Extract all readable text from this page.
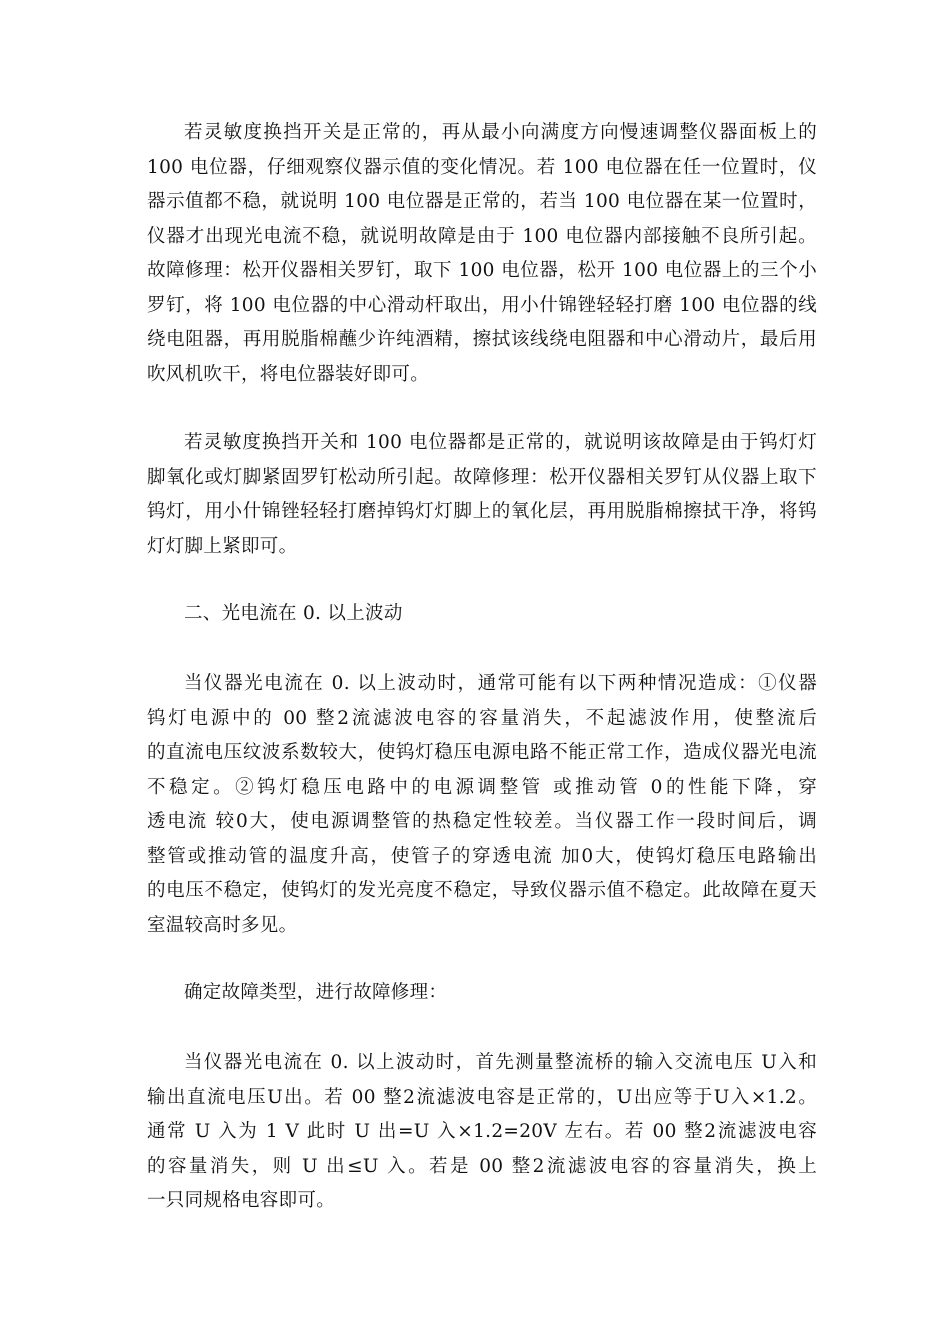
若灵敏度换挡开关是正常的，再从最小向满度方向慢速调整仪器面板上的
100 电位器，仔细观察仪器示值的变化情况。若 100 电位器在任一位置时，仪
器示值都不稳，就说明 100 电位器是正常的，若当 100 电位器在某一位置时，
仪器才出现光电流不稳，就说明故障是由于 100 电位器内部接触不良所引起。
故障修理：松开仪器相关罗钉，取下 100 电位器，松开 100 电位器上的三个小
罗钉，将 100 电位器的中心滑动杆取出，用小什锦锉轻轻打磨 100 电位器的线
绕电阻器，再用脱脂棉蘸少许纯酒精，擦拭该线绕电阻器和中心滑动片，最后用
吹风机吹干，将电位器装好即可。
若灵敏度换挡开关和 100 电位器都是正常的，就说明该故障是由于钨灯灯
脚氧化或灯脚紧固罗钉松动所引起。故障修理：松开仪器相关罗钉从仪器上取下
钨灯，用小什锦锉轻轻打磨掉钨灯灯脚上的氧化层，再用脱脂棉擦拭干净，将钨
灯灯脚上紧即可。
二、光电流在 0. 以上波动
当仪器光电流在 0. 以上波动时，通常可能有以下两种情况造成：①仪器
钨灯电源中的 00 整2流滤波电容的容量消失，不起滤波作用，使整流后
的直流电压纹波系数较大，使钨灯稳压电源电路不能正常工作，造成仪器光电流
不稳定。②钨灯稳压电路中的电源调整管 或推动管 0的性能下降，穿
透电流 较0大，使电源调整管的热稳定性较差。当仪器工作一段时间后，调
整管或推动管的温度升高，使管子的穿透电流 加0大，使钨灯稳压电路输出
的电压不稳定，使钨灯的发光亮度不稳定，导致仪器示值不稳定。此故障在夏天
室温较高时多见。
确定故障类型，进行故障修理：
当仪器光电流在 0. 以上波动时，首先测量整流桥的输入交流电压 U入和
输出直流电压U出。若 00 整2流滤波电容是正常的，U出应等于U入×1.2。
通常 U 入为 1 V 此时 U 出=U 入×1.2=20V 左右。若 00 整2流滤波电容
的容量消失，则 U 出≤U 入。若是 00 整2流滤波电容的容量消失，换上
一只同规格电容即可。
